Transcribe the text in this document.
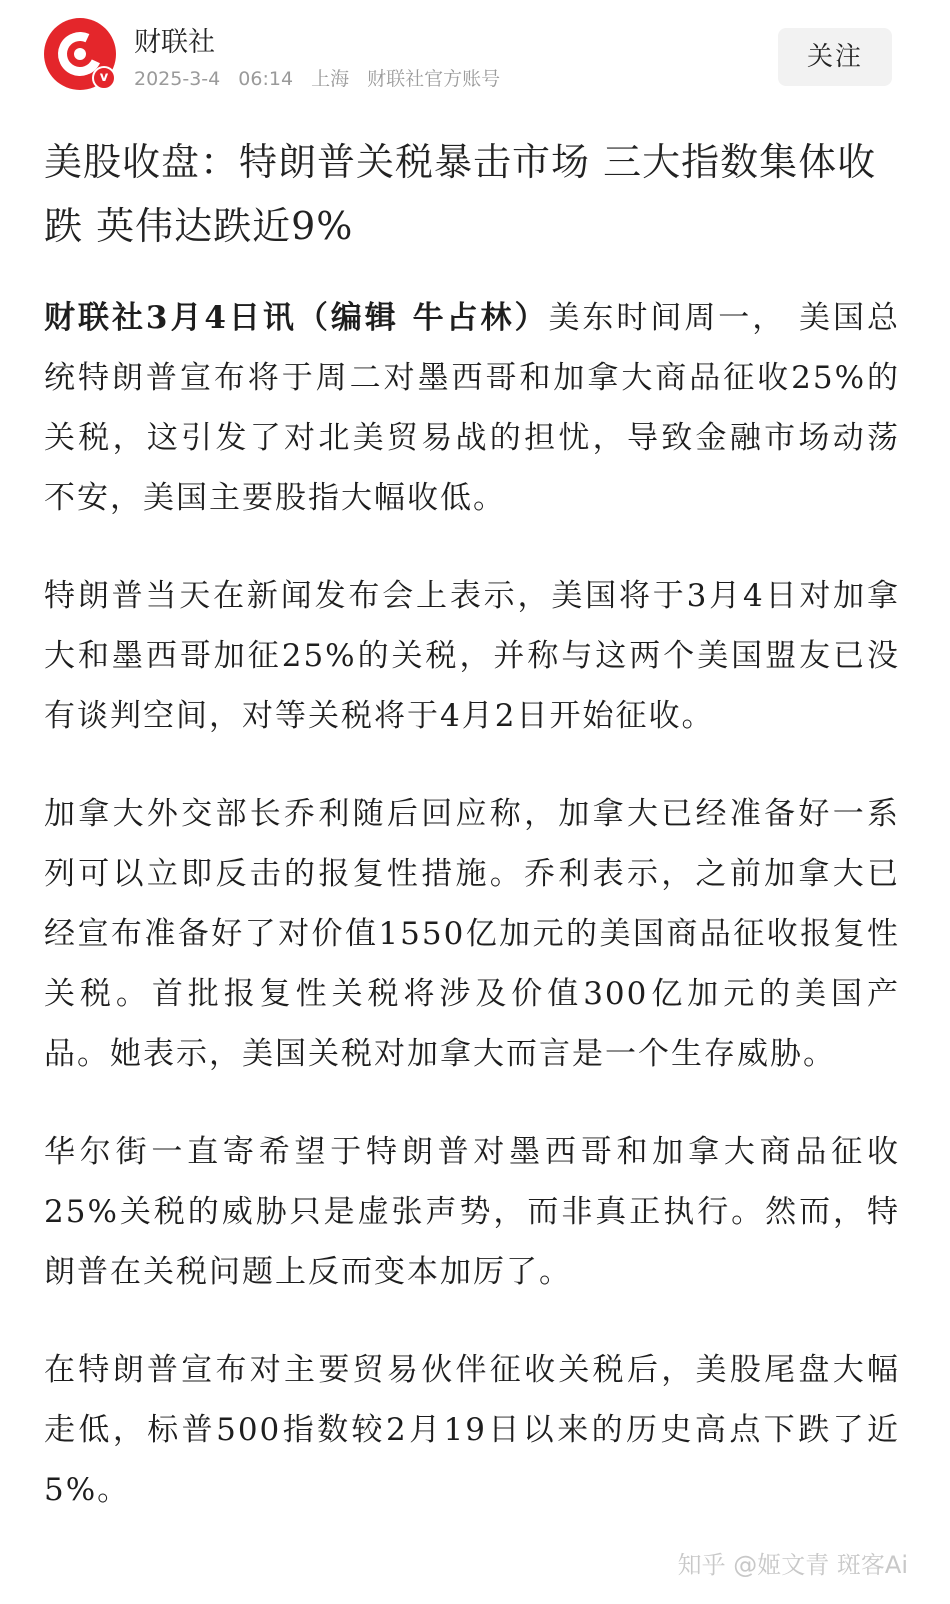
v
财联社
2025-3-4 06:14 上海 财联社官方账号
关注
美股收盘：特朗普关税暴击市场 三大指数集体收跌 英伟达跌近9%

财联社3月4日讯（编辑 牛占林）美东时间周一， 美国总统特朗普宣布将于周二对墨西哥和加拿大商品征收25%的关税，这引发了对北美贸易战的担忧，导致金融市场动荡不安，美国主要股指大幅收低。

特朗普当天在新闻发布会上表示，美国将于3月4日对加拿大和墨西哥加征25%的关税，并称与这两个美国盟友已没有谈判空间，对等关税将于4月2日开始征收。

加拿大外交部长乔利随后回应称，加拿大已经准备好一系列可以立即反击的报复性措施。乔利表示，之前加拿大已经宣布准备好了对价值1550亿加元的美国商品征收报复性关税。首批报复性关税将涉及价值300亿加元的美国产品。她表示，美国关税对加拿大而言是一个生存威胁。

华尔街一直寄希望于特朗普对墨西哥和加拿大商品征收25%关税的威胁只是虚张声势，而非真正执行。然而，特朗普在关税问题上反而变本加厉了。

在特朗普宣布对主要贸易伙伴征收关税后，美股尾盘大幅走低，标普500指数较2月19日以来的历史高点下跌了近5%。

知乎 @姬文青 斑客Ai
